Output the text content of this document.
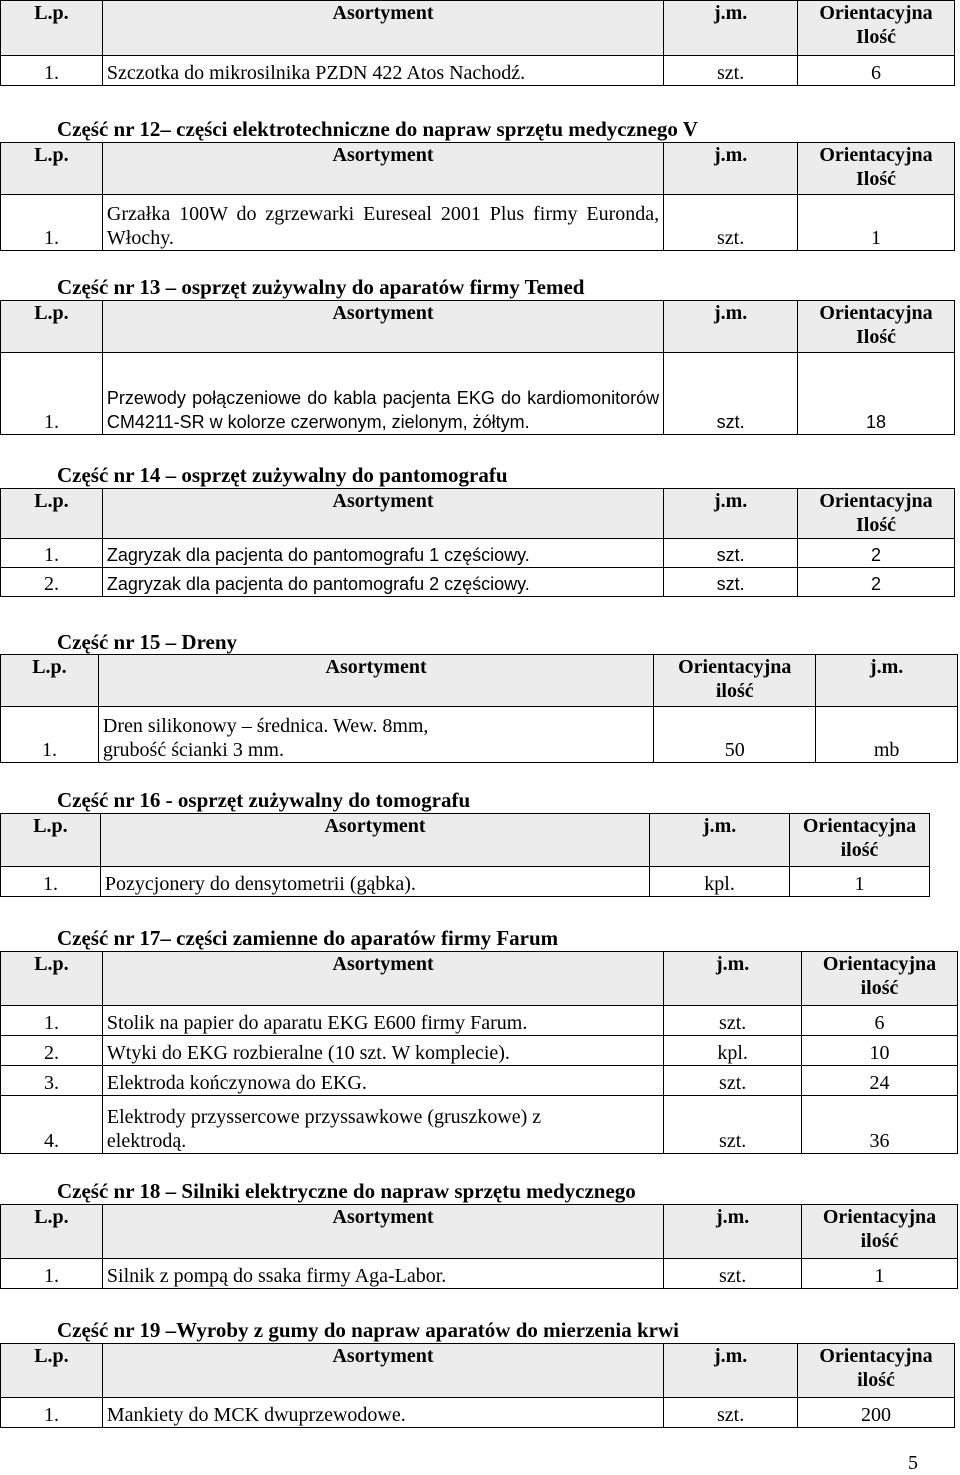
L.p.	Asortyment	j.m.	Orientacyjna Ilość
1.	Szczotka do mikrosilnika PZDN 422 Atos Nachodź.	szt.	6
Część nr 12– części elektrotechniczne do napraw sprzętu medycznego V
L.p.	Asortyment	j.m.	Orientacyjna Ilość
1.	Grzałka 100W do zgrzewarki Eureseal 2001 Plus firmy Euronda, Włochy.	szt.	1
Część nr 13 – osprzęt zużywalny do aparatów firmy Temed
L.p.	Asortyment	j.m.	Orientacyjna Ilość
1.	Przewody połączeniowe do kabla pacjenta EKG do kardiomonitorów CM4211-SR w kolorze czerwonym, zielonym, żółtym.	szt.	18
Część nr 14 – osprzęt zużywalny do pantomografu
L.p.	Asortyment	j.m.	Orientacyjna Ilość
1.	Zagryzak dla pacjenta do pantomografu 1 częściowy.	szt.	2
2.	Zagryzak dla pacjenta do pantomografu 2 częściowy.	szt.	2
Część nr 15 – Dreny
L.p.	Asortyment	Orientacyjna ilość	j.m.
1.	Dren silikonowy – średnica. Wew. 8mm, grubość ścianki 3 mm.	50	mb
Część nr 16 - osprzęt zużywalny do tomografu
L.p.	Asortyment	j.m.	Orientacyjna ilość
1.	Pozycjonery do densytometrii (gąbka).	kpl.	1
Część nr 17– części zamienne do aparatów firmy Farum
L.p.	Asortyment	j.m.	Orientacyjna ilość
1.	Stolik na papier do aparatu EKG E600 firmy Farum.	szt.	6
2.	Wtyki do EKG rozbieralne (10 szt. W komplecie).	kpl.	10
3.	Elektroda kończynowa do EKG.	szt.	24
4.	Elektrody przyssercowe przyssawkowe (gruszkowe) z elektrodą.	szt.	36
Część nr 18 – Silniki elektryczne do napraw sprzętu medycznego
L.p.	Asortyment	j.m.	Orientacyjna ilość
1.	Silnik z pompą do ssaka firmy Aga-Labor.	szt.	1
Część nr 19 –Wyroby z gumy do napraw aparatów do mierzenia krwi
L.p.	Asortyment	j.m.	Orientacyjna ilość
1.	Mankiety do MCK dwuprzewodowe.	szt.	200
5
